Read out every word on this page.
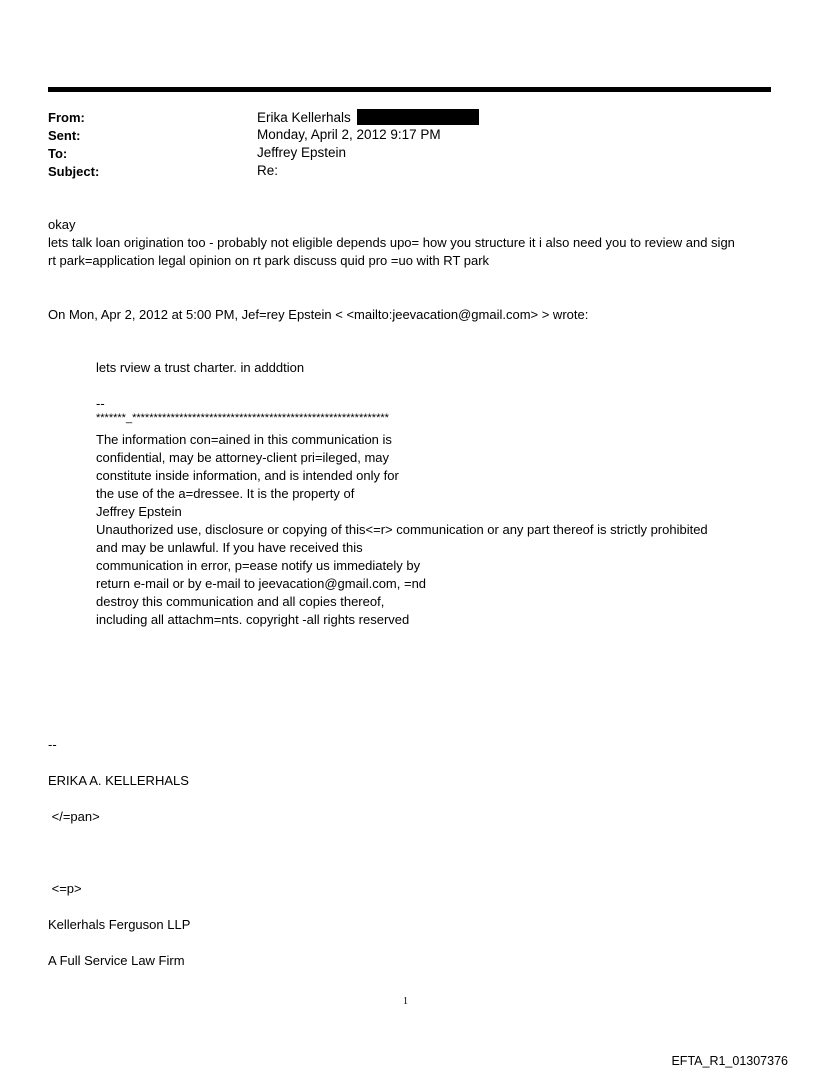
From:	Erika Kellerhals
Sent:	Monday, April 2, 2012 9:17 PM
To:	Jeffrey Epstein
Subject:	Re:
okay
lets talk loan origination too - probably not eligible depends upo= how you structure it i also need you to review and sign
rt park=application legal opinion on rt park discuss quid pro =uo with RT park
On Mon, Apr 2, 2012 at 5:00 PM, Jef=rey Epstein < <mailto:jeevacation@gmail.com> > wrote:
lets rview a trust charter. in adddtion
--
*******_************************************************************
The information con=ained in this communication is
confidential, may be attorney-client pri=ileged, may
constitute inside information, and is intended only for
the use of the a=dressee. It is the property of
Jeffrey Epstein
Unauthorized use, disclosure or copying of this<=r> communication or any part thereof is strictly prohibited
and may be unlawful. If you have received this
communication in error, p=ease notify us immediately by
return e-mail or by e-mail to jeevacation@gmail.com, =nd
destroy this communication and all copies thereof,
including all attachm=nts. copyright -all rights reserved
--
ERIKA A. KELLERHALS
</=pan>
<=p>
Kellerhals Ferguson LLP
A Full Service Law Firm
1
EFTA_R1_01307376
